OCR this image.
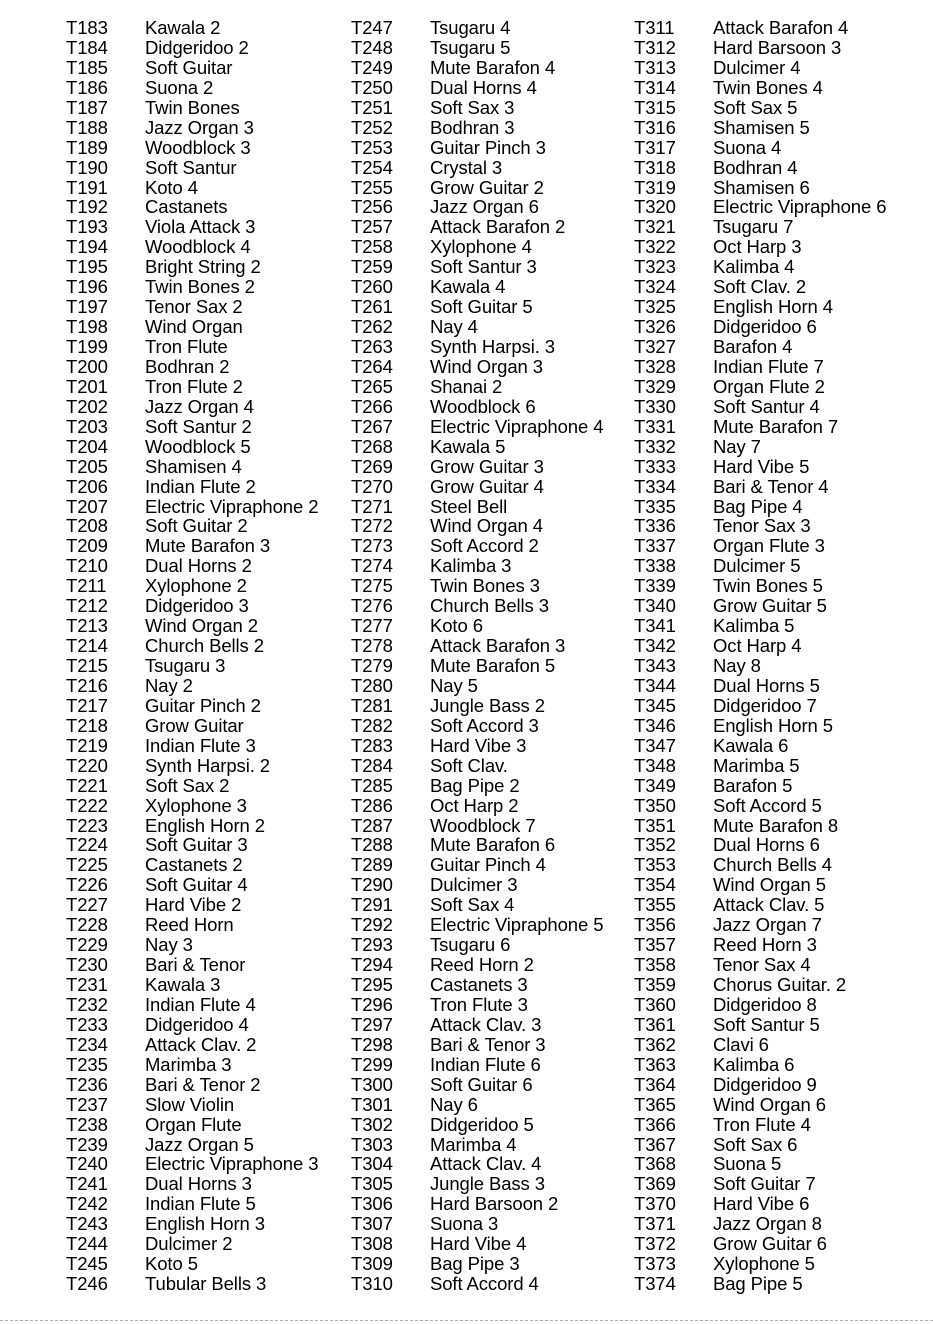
T183	Kawala 2
T184	Didgeridoo 2
T185	Soft Guitar
T186	Suona 2
T187	Twin Bones
T188	Jazz Organ 3
T189	Woodblock 3
T190	Soft Santur
T191	Koto 4
T192	Castanets
T193	Viola Attack 3
T194	Woodblock 4
T195	Bright String 2
T196	Twin Bones 2
T197	Tenor Sax 2
T198	Wind Organ
T199	Tron Flute
T200	Bodhran 2
T201	Tron Flute 2
T202	Jazz Organ 4
T203	Soft Santur 2
T204	Woodblock 5
T205	Shamisen 4
T206	Indian Flute 2
T207	Electric Vipraphone 2
T208	Soft Guitar 2
T209	Mute Barafon 3
T210	Dual Horns 2
T211	Xylophone 2
T212	Didgeridoo 3
T213	Wind Organ 2
T214	Church Bells 2
T215	Tsugaru 3
T216	Nay 2
T217	Guitar Pinch 2
T218	Grow Guitar
T219	Indian Flute 3
T220	Synth Harpsi. 2
T221	Soft Sax 2
T222	Xylophone 3
T223	English Horn 2
T224	Soft Guitar 3
T225	Castanets 2
T226	Soft Guitar 4
T227	Hard Vibe 2
T228	Reed Horn
T229	Nay 3
T230	Bari & Tenor
T231	Kawala 3
T232	Indian Flute 4
T233	Didgeridoo 4
T234	Attack Clav. 2
T235	Marimba 3
T236	Bari & Tenor 2
T237	Slow Violin
T238	Organ Flute
T239	Jazz Organ 5
T240	Electric Vipraphone 3
T241	Dual Horns 3
T242	Indian Flute 5
T243	English Horn 3
T244	Dulcimer 2
T245	Koto 5
T246	Tubular Bells 3
T247	Tsugaru 4
T248	Tsugaru 5
T249	Mute Barafon 4
T250	Dual Horns 4
T251	Soft Sax 3
T252	Bodhran 3
T253	Guitar Pinch 3
T254	Crystal 3
T255	Grow Guitar 2
T256	Jazz Organ 6
T257	Attack Barafon 2
T258	Xylophone 4
T259	Soft Santur 3
T260	Kawala 4
T261	Soft Guitar 5
T262	Nay 4
T263	Synth Harpsi. 3
T264	Wind Organ 3
T265	Shanai 2
T266	Woodblock 6
T267	Electric Vipraphone 4
T268	Kawala 5
T269	Grow Guitar 3
T270	Grow Guitar 4
T271	Steel Bell
T272	Wind Organ 4
T273	Soft Accord 2
T274	Kalimba 3
T275	Twin Bones 3
T276	Church Bells 3
T277	Koto 6
T278	Attack Barafon 3
T279	Mute Barafon 5
T280	Nay 5
T281	Jungle Bass 2
T282	Soft Accord 3
T283	Hard Vibe 3
T284	Soft Clav.
T285	Bag Pipe 2
T286	Oct Harp 2
T287	Woodblock 7
T288	Mute Barafon 6
T289	Guitar Pinch 4
T290	Dulcimer 3
T291	Soft Sax 4
T292	Electric Vipraphone 5
T293	Tsugaru 6
T294	Reed Horn 2
T295	Castanets 3
T296	Tron Flute 3
T297	Attack Clav. 3
T298	Bari & Tenor 3
T299	Indian Flute 6
T300	Soft Guitar 6
T301	Nay 6
T302	Didgeridoo 5
T303	Marimba 4
T304	Attack Clav. 4
T305	Jungle Bass 3
T306	Hard Barsoon 2
T307	Suona 3
T308	Hard Vibe 4
T309	Bag Pipe 3
T310	Soft Accord 4
T311	Attack Barafon 4
T312	Hard Barsoon 3
T313	Dulcimer 4
T314	Twin Bones 4
T315	Soft Sax 5
T316	Shamisen 5
T317	Suona 4
T318	Bodhran 4
T319	Shamisen 6
T320	Electric Vipraphone 6
T321	Tsugaru 7
T322	Oct Harp 3
T323	Kalimba 4
T324	Soft Clav. 2
T325	English Horn 4
T326	Didgeridoo 6
T327	Barafon 4
T328	Indian Flute 7
T329	Organ Flute 2
T330	Soft Santur 4
T331	Mute Barafon 7
T332	Nay 7
T333	Hard Vibe 5
T334	Bari & Tenor 4
T335	Bag Pipe 4
T336	Tenor Sax 3
T337	Organ Flute 3
T338	Dulcimer 5
T339	Twin Bones 5
T340	Grow Guitar 5
T341	Kalimba 5
T342	Oct Harp 4
T343	Nay 8
T344	Dual Horns 5
T345	Didgeridoo 7
T346	English Horn 5
T347	Kawala 6
T348	Marimba 5
T349	Barafon 5
T350	Soft Accord 5
T351	Mute Barafon 8
T352	Dual Horns 6
T353	Church Bells 4
T354	Wind Organ 5
T355	Attack Clav. 5
T356	Jazz Organ 7
T357	Reed Horn 3
T358	Tenor Sax 4
T359	Chorus Guitar. 2
T360	Didgeridoo 8
T361	Soft Santur 5
T362	Clavi 6
T363	Kalimba 6
T364	Didgeridoo 9
T365	Wind Organ 6
T366	Tron Flute 4
T367	Soft Sax 6
T368	Suona 5
T369	Soft Guitar 7
T370	Hard Vibe 6
T371	Jazz Organ 8
T372	Grow Guitar 6
T373	Xylophone 5
T374	Bag Pipe 5
